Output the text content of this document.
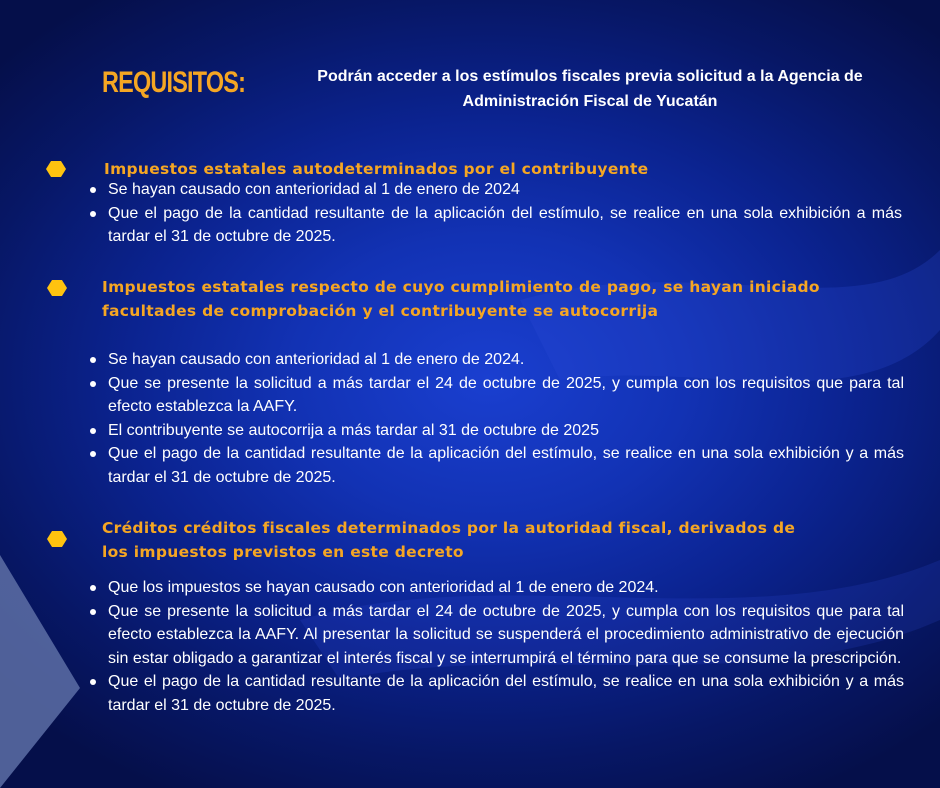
REQUISITOS:	Podrán acceder a los estímulos fiscales previa solicitud a la Agencia de Administración Fiscal de Yucatán
Impuestos estatales autodeterminados por el contribuyente
Se hayan causado con anterioridad al 1 de enero de 2024
Que el pago de la cantidad resultante de la aplicación del estímulo, se realice en una sola exhibición a más tardar el 31 de octubre de 2025.
Impuestos estatales respecto de cuyo cumplimiento de pago, se hayan iniciado facultades de comprobación y el contribuyente se autocorrija
Se hayan causado con anterioridad al 1 de enero de 2024.
Que se presente la solicitud a más tardar el 24 de octubre de 2025, y cumpla con los requisitos que para tal efecto establezca la AAFY.
El contribuyente se autocorrija a más tardar al 31 de octubre de 2025
Que el pago de la cantidad resultante de la aplicación del estímulo, se realice en una sola exhibición y a más tardar el 31 de octubre de 2025.
Créditos créditos fiscales determinados por la autoridad fiscal, derivados de los impuestos previstos en este decreto
Que los impuestos se hayan causado con anterioridad al 1 de enero de 2024.
Que se presente la solicitud a más tardar el 24 de octubre de 2025, y cumpla con los requisitos que para tal efecto establezca la AAFY. Al presentar la solicitud se suspenderá el procedimiento administrativo de ejecución sin estar obligado a garantizar el interés fiscal y se interrumpirá el término para que se consume la prescripción.
Que el pago de la cantidad resultante de la aplicación del estímulo, se realice en una sola exhibición y a más tardar el 31 de octubre de 2025.
